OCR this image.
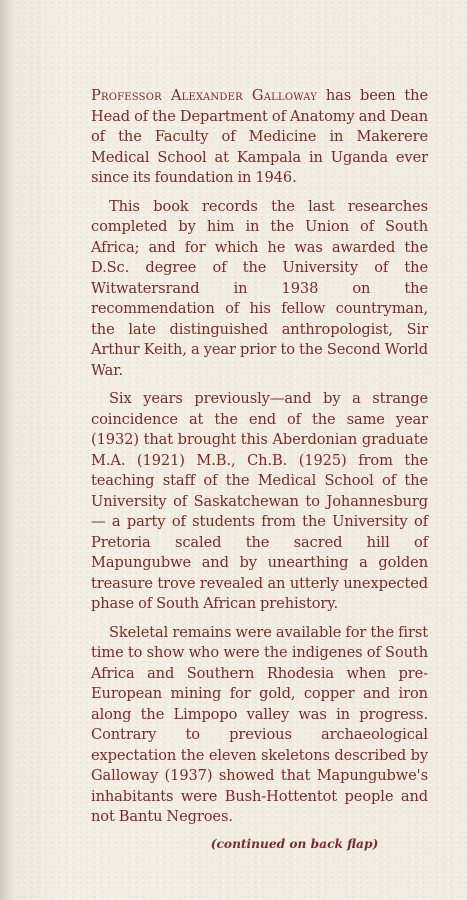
Professor Alexander Galloway has been the Head of the Department of Anatomy and Dean of the Faculty of Medicine in Makerere Medical School at Kampala in Uganda ever since its foundation in 1946.

This book records the last researches completed by him in the Union of South Africa; and for which he was awarded the D.Sc. degree of the University of the Witwatersrand in 1938 on the recommendation of his fellow countryman, the late distinguished anthropologist, Sir Arthur Keith, a year prior to the Second World War.

Six years previously—and by a strange coincidence at the end of the same year (1932) that brought this Aberdonian graduate M.A. (1921) M.B., Ch.B. (1925) from the teaching staff of the Medical School of the University of Saskatchewan to Johannesburg — a party of students from the University of Pretoria scaled the sacred hill of Mapungubwe and by unearthing a golden treasure trove revealed an utterly unexpected phase of South African prehistory.

Skeletal remains were available for the first time to show who were the indigenes of South Africa and Southern Rhodesia when pre-European mining for gold, copper and iron along the Limpopo valley was in progress. Contrary to previous archaeological expectation the eleven skeletons described by Galloway (1937) showed that Mapungubwe's inhabitants were Bush-Hottentot people and not Bantu Negroes.

(continued on back flap)
